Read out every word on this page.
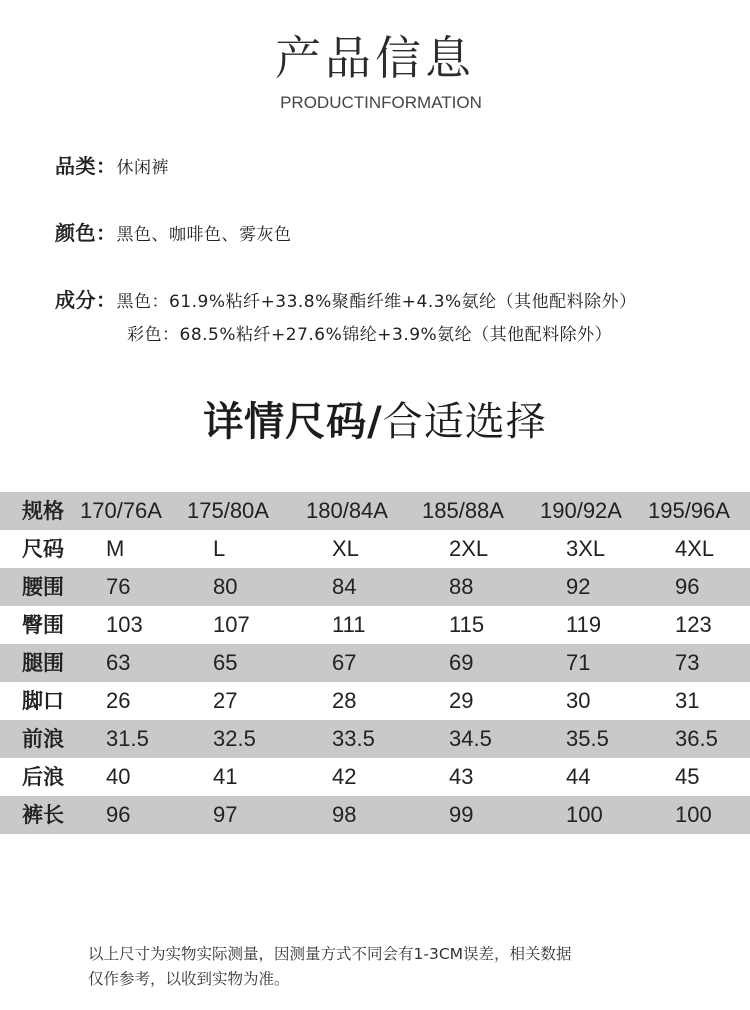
产品信息
PRODUCTINFORMATION
品类：休闲裤
颜色：黑色、咖啡色、雾灰色
成分：黑色：61.9%粘纤+33.8%聚酯纤维+4.3%氨纶（其他配料除外）
彩色：68.5%粘纤+27.6%锦纶+3.9%氨纶（其他配料除外）
详情尺码/合适选择
规格 170/76A 175/80A 180/84A 185/88A 190/92A 195/96A
尺码 M	L	XL	2XL	3XL	4XL
腰围 76	80	84	88	92	96
臀围 103	107	111	115	119	123
腿围 63	65	67	69	71	73
脚口 26	27	28	29	30	31
前浪 31.5	32.5	33.5	34.5	35.5	36.5
后浪 40	41	42	43	44	45
裤长 96	97	98	99	100	100
以上尺寸为实物实际测量，因测量方式不同会有1-3CM误差，相关数据
仅作参考，以收到实物为准。
